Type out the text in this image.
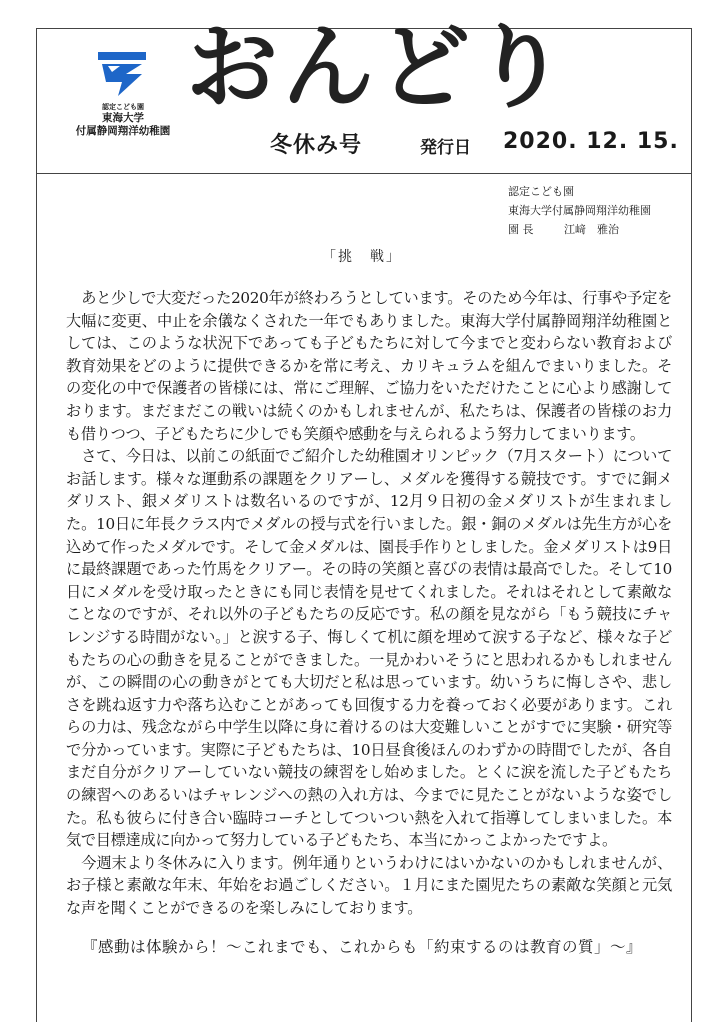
認定こども園
東海大学
付属静岡翔洋幼稚園
おんどり
冬休み号	発行日 2020. 12. 15.
認定こども園
東海大学付属静岡翔洋幼稚園
園 長	江﨑　雅治
「挑　戦」

あと少しで大変だった2020年が終わろうとしています。そのため今年は、行事や予定を大幅に変更、中止を余儀なくされた一年でもありました。東海大学付属静岡翔洋幼稚園としては、このような状況下であっても子どもたちに対して今までと変わらない教育および教育効果をどのように提供できるかを常に考え、カリキュラムを組んでまいりました。その変化の中で保護者の皆様には、常にご理解、ご協力をいただけたことに心より感謝しております。まだまだこの戦いは続くのかもしれませんが、私たちは、保護者の皆様のお力も借りつつ、子どもたちに少しでも笑顔や感動を与えられるよう努力してまいります。

さて、今日は、以前この紙面でご紹介した幼稚園オリンピック（7月スタート）についてお話します。様々な運動系の課題をクリアーし、メダルを獲得する競技です。すでに銅メダリスト、銀メダリストは数名いるのですが、12月９日初の金メダリストが生まれました。10日に年長クラス内でメダルの授与式を行いました。銀・銅のメダルは先生方が心を込めて作ったメダルです。そして金メダルは、園長手作りとしました。金メダリストは9日に最終課題であった竹馬をクリアー。その時の笑顔と喜びの表情は最高でした。そして10日にメダルを受け取ったときにも同じ表情を見せてくれました。それはそれとして素敵なことなのですが、それ以外の子どもたちの反応です。私の顔を見ながら「もう競技にチャレンジする時間がない。」と涙する子、悔しくて机に顔を埋めて涙する子など、様々な子どもたちの心の動きを見ることができました。一見かわいそうにと思われるかもしれませんが、この瞬間の心の動きがとても大切だと私は思っています。幼いうちに悔しさや、悲しさを跳ね返す力や落ち込むことがあっても回復する力を養っておく必要があります。これらの力は、残念ながら中学生以降に身に着けるのは大変難しいことがすでに実験・研究等で分かっています。実際に子どもたちは、10日昼食後ほんのわずかの時間でしたが、各自まだ自分がクリアーしていない競技の練習をし始めました。とくに涙を流した子どもたちの練習へのあるいはチャレンジへの熱の入れ方は、今までに見たことがないような姿でした。私も彼らに付き合い臨時コーチとしてついつい熱を入れて指導してしまいました。本気で目標達成に向かって努力している子どもたち、本当にかっこよかったですよ。

今週末より冬休みに入ります。例年通りというわけにはいかないのかもしれませんが、お子様と素敵な年末、年始をお過ごしください。１月にまた園児たちの素敵な笑顔と元気な声を聞くことができるのを楽しみにしております。

『感動は体験から！～これまでも、これからも「約束するのは教育の質」～』
